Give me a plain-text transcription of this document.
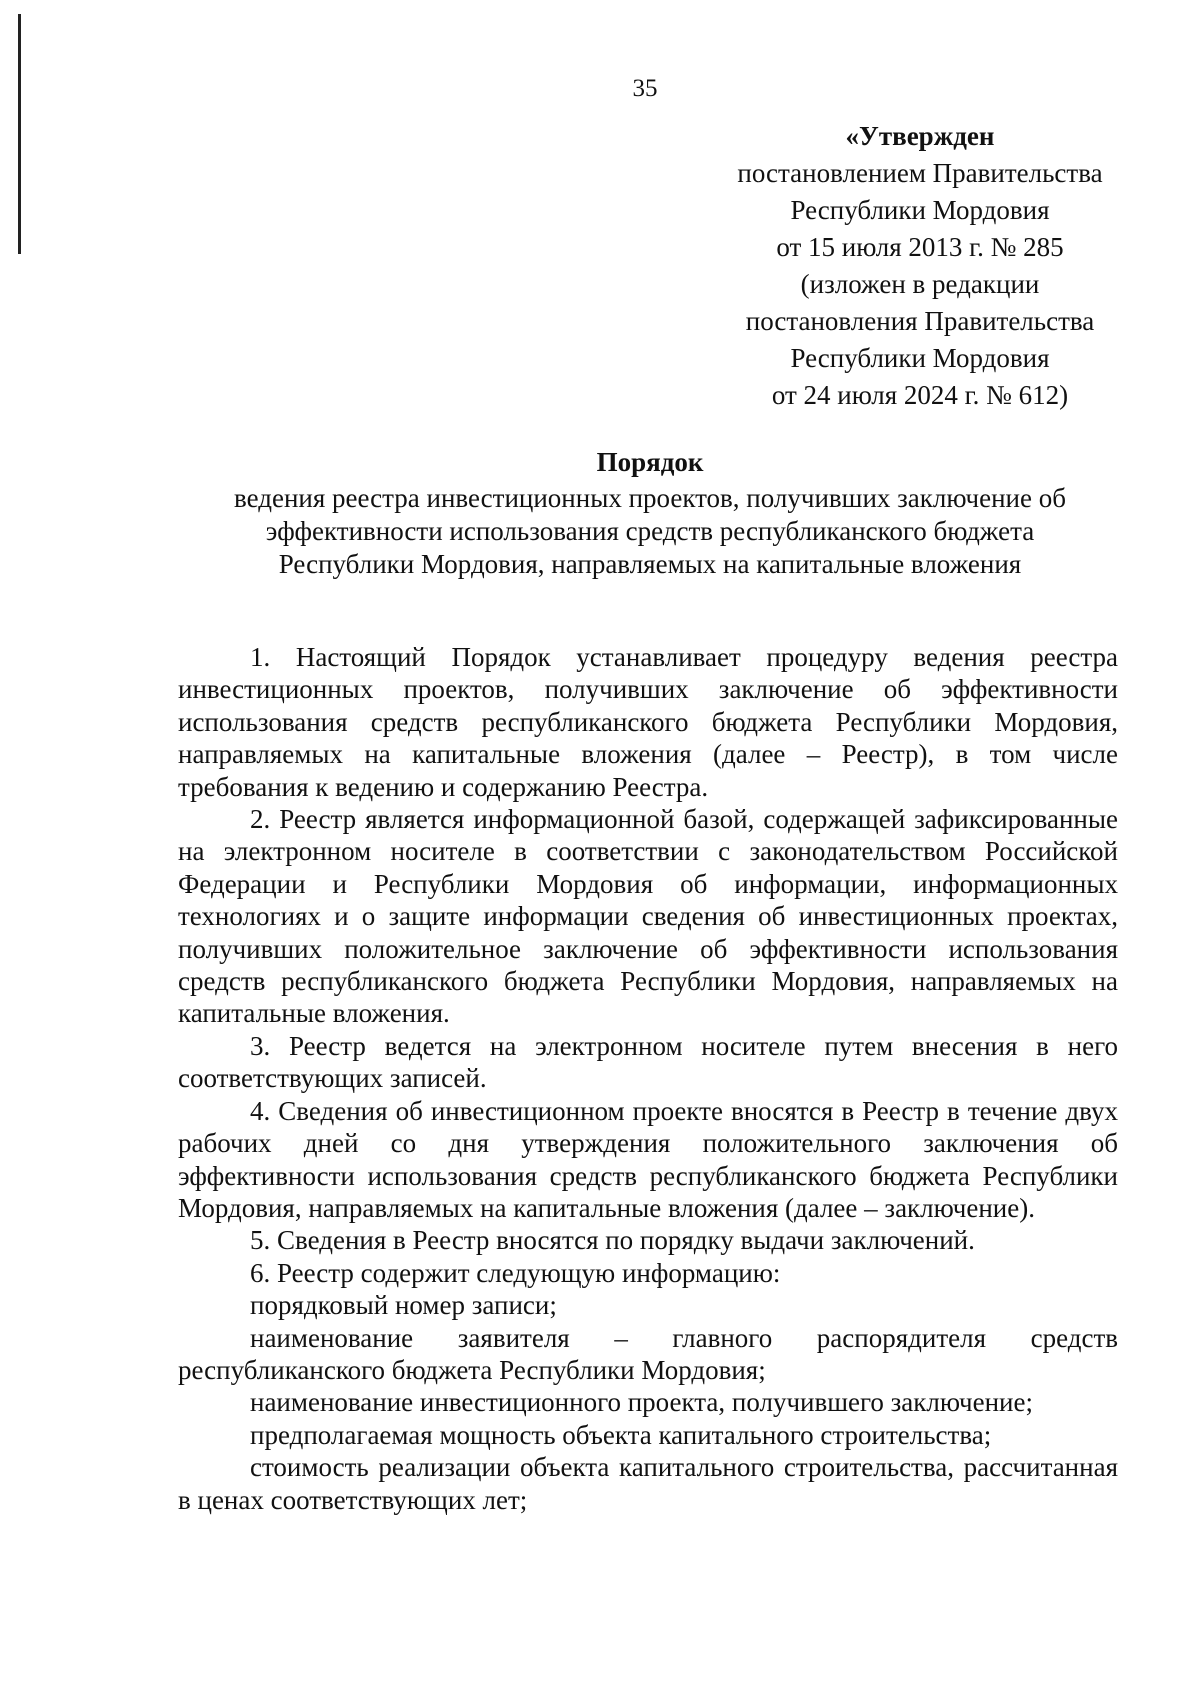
35
«Утвержден
постановлением Правительства
Республики Мордовия
от 15 июля 2013 г. № 285
(изложен в редакции
постановления Правительства
Республики Мордовия
от 24 июля 2024 г. № 612)
Порядок
ведения реестра инвестиционных проектов, получивших заключение об
эффективности использования средств республиканского бюджета
Республики Мордовия, направляемых на капитальные вложения

1. Настоящий Порядок устанавливает процедуру ведения реестра инвестиционных проектов, получивших заключение об эффективности использования средств республиканского бюджета Республики Мордовия, направляемых на капитальные вложения (далее – Реестр), в том числе требования к ведению и содержанию Реестра.

2. Реестр является информационной базой, содержащей зафиксированные на электронном носителе в соответствии с законодательством Российской Федерации и Республики Мордовия об информации, информационных технологиях и о защите информации сведения об инвестиционных проектах, получивших положительное заключение об эффективности использования средств республиканского бюджета Республики Мордовия, направляемых на капитальные вложения.

3. Реестр ведется на электронном носителе путем внесения в него соответствующих записей.

4. Сведения об инвестиционном проекте вносятся в Реестр в течение двух рабочих дней со дня утверждения положительного заключения об эффективности использования средств республиканского бюджета Республики Мордовия, направляемых на капитальные вложения (далее – заключение).

5. Сведения в Реестр вносятся по порядку выдачи заключений.

6. Реестр содержит следующую информацию:

порядковый номер записи;

наименование заявителя – главного распорядителя средств республиканского бюджета Республики Мордовия;

наименование инвестиционного проекта, получившего заключение;

предполагаемая мощность объекта капитального строительства;

стоимость реализации объекта капитального строительства, рассчитанная в ценах соответствующих лет;
